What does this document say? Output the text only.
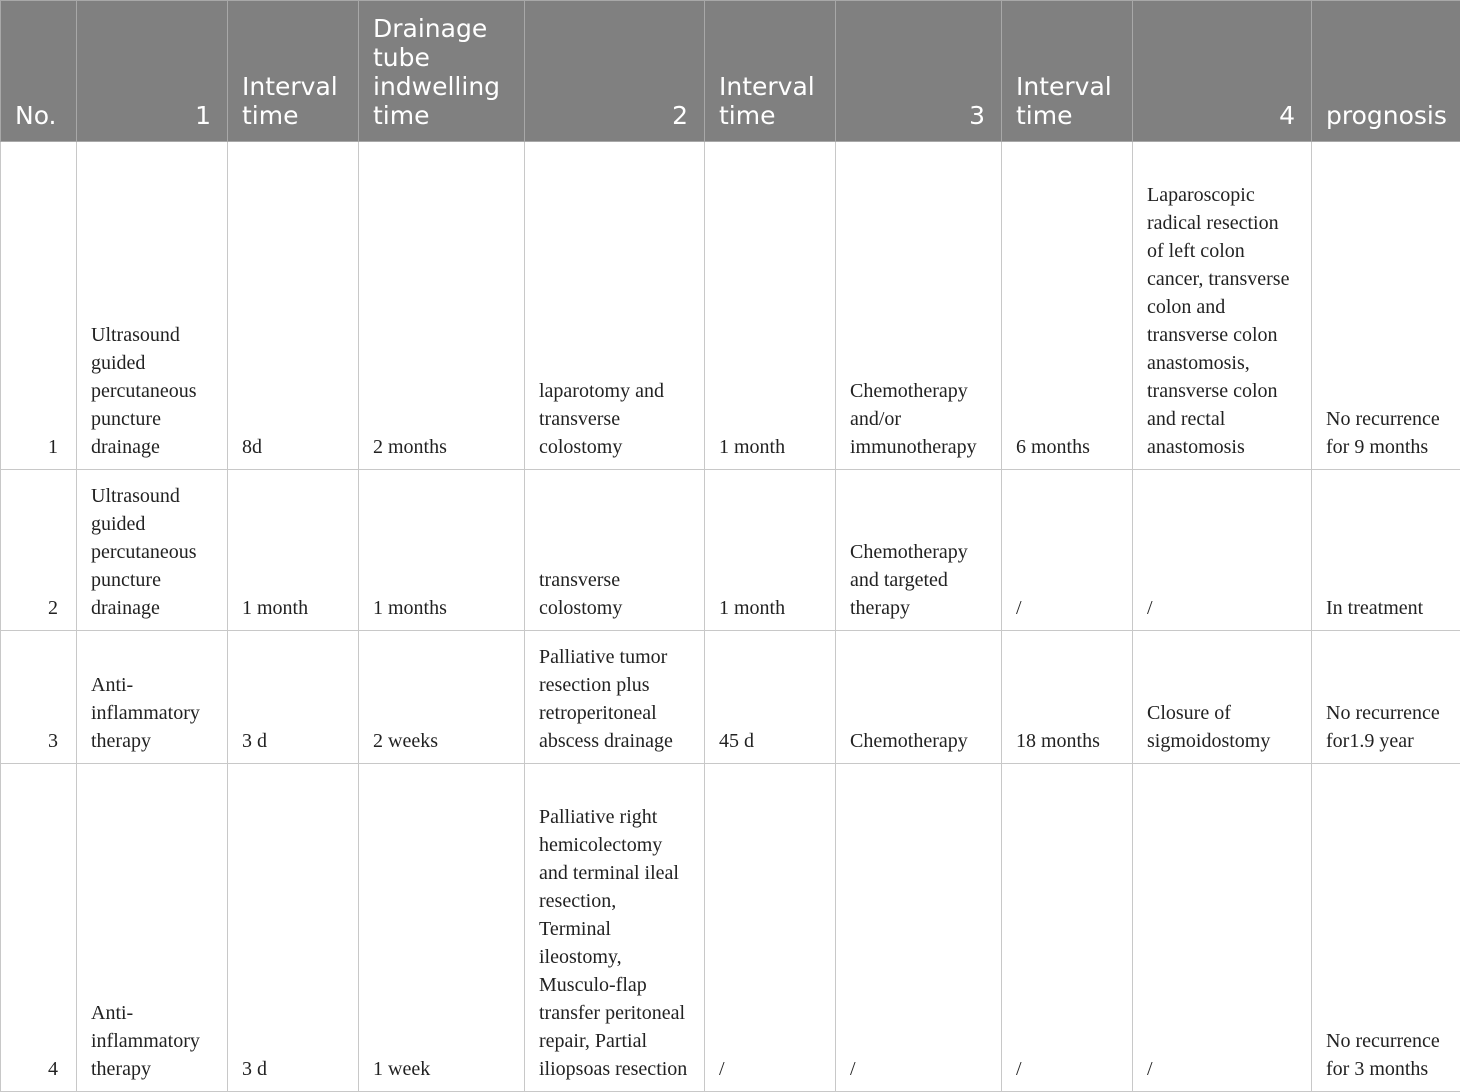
No.	1	Interval time	Drainage tube indwelling time	2	Interval time	3	Interval time	4	prognosis
1	Ultrasound guided percutaneous puncture drainage	8d	2 months	laparotomy and transverse colostomy	1 month	Chemotherapy and/or immunotherapy	6 months	Laparoscopic radical resection of left colon cancer, transverse colon and transverse colon anastomosis, transverse colon and rectal anastomosis	No recurrence for 9 months
2	Ultrasound guided percutaneous puncture drainage	1 month	1 months	transverse colostomy	1 month	Chemotherapy and targeted therapy	/	/	In treatment
3	Anti-inflammatory therapy	3 d	2 weeks	Palliative tumor resection plus retroperitoneal abscess drainage	45 d	Chemotherapy	18 months	Closure of sigmoidostomy	No recurrence for1.9 year
4	Anti-inflammatory therapy	3 d	1 week	Palliative right hemicolectomy and terminal ileal resection, Terminal ileostomy, Musculo-flap transfer peritoneal repair, Partial iliopsoas resection	/	/	/	/	No recurrence for 3 months
